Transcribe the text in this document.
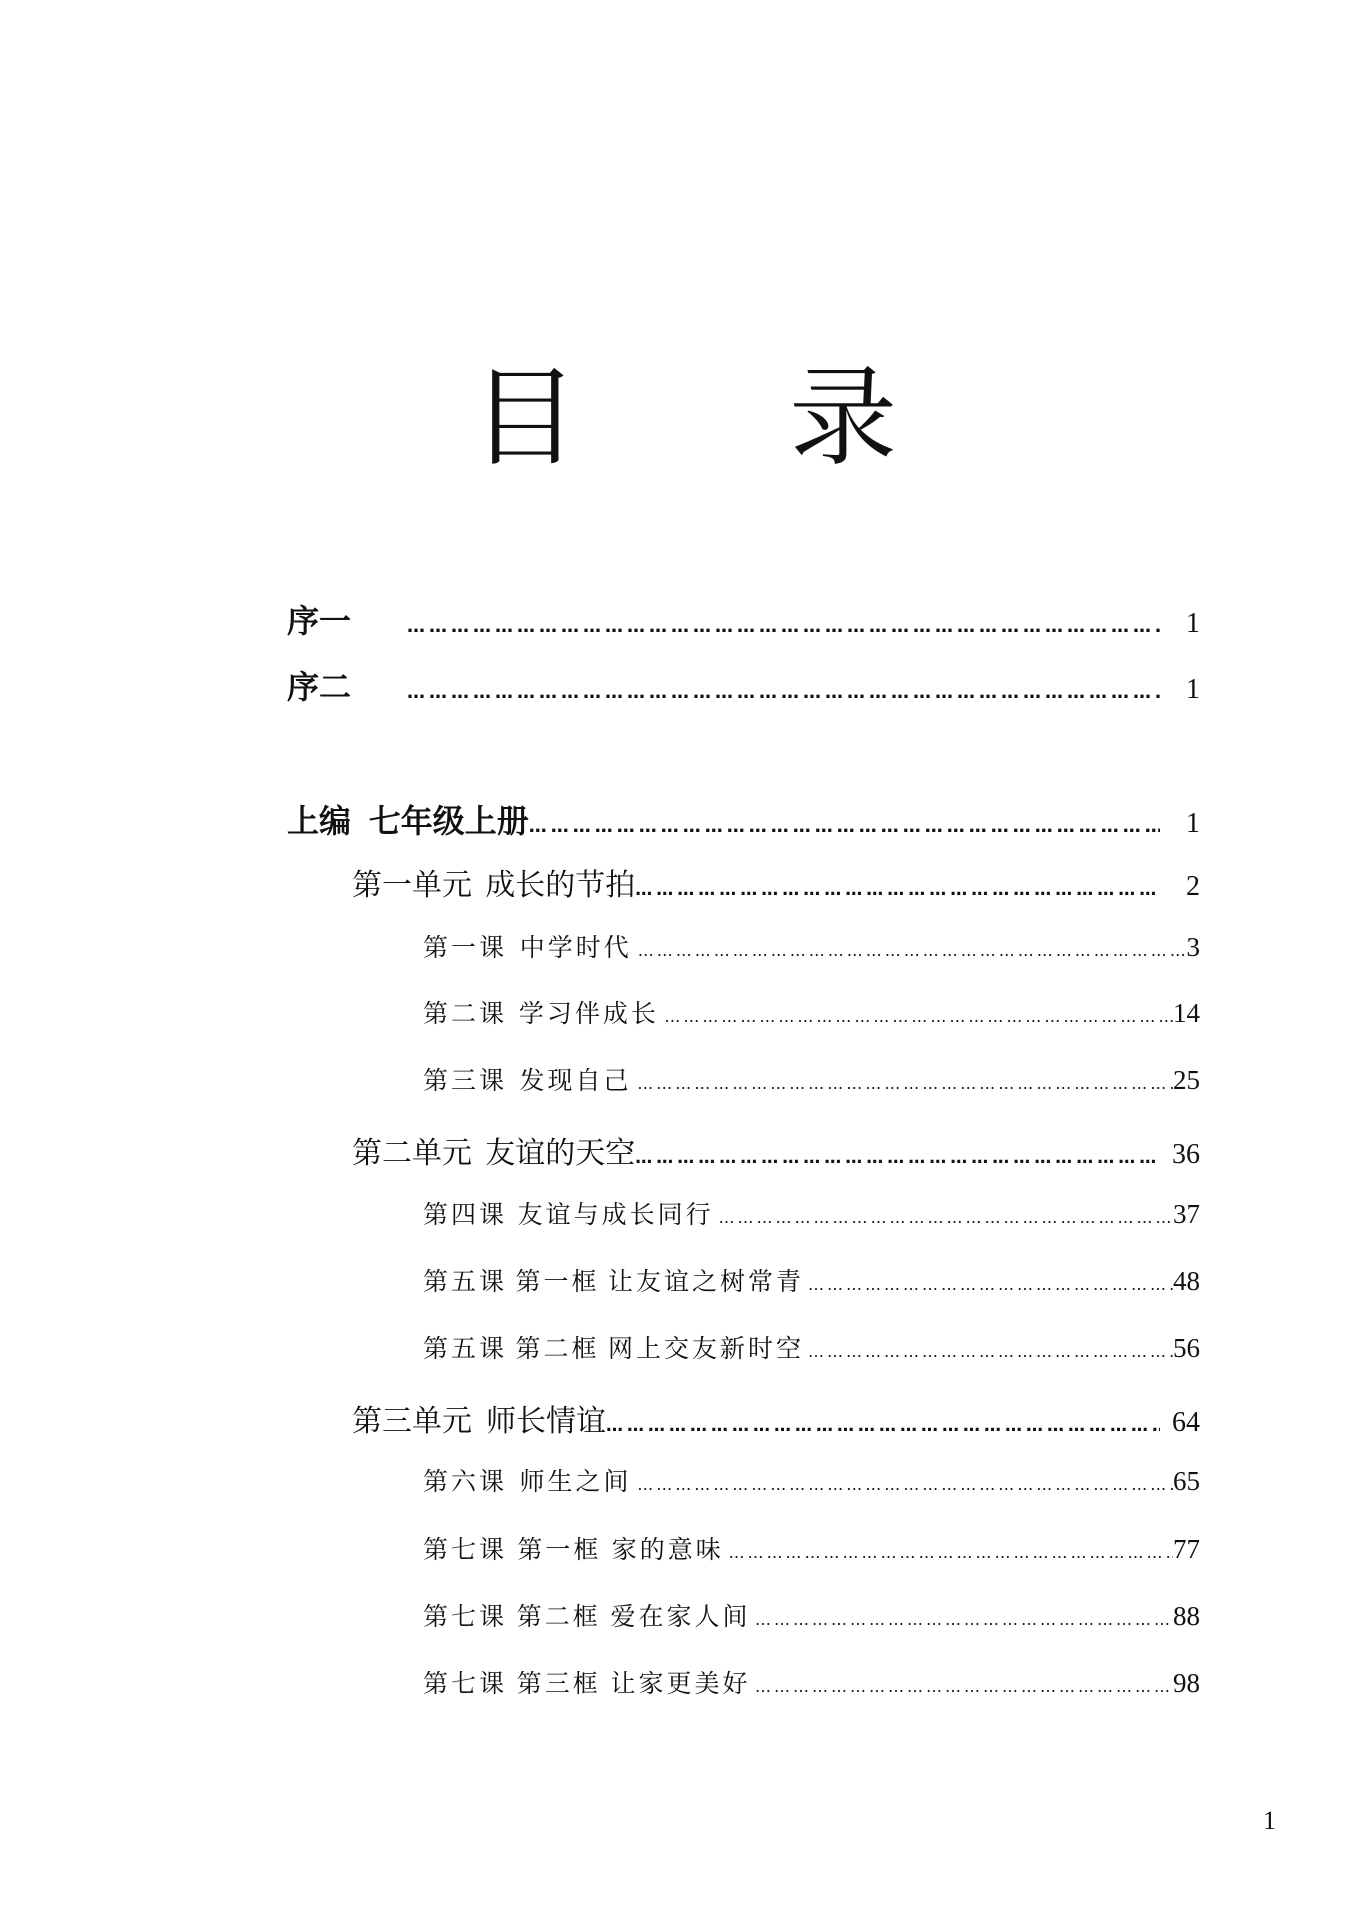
目 录
序一 ……………………………………………………………………………………………………………………………………………………………………………………	1
序二 ……………………………………………………………………………………………………………………………………………………………………………………	1
上编 七年级上册 ……………………………………………………………………………………………………………………………………………………………………………………	1
第一单元 成长的节拍 ……………………………………………………………………………………………………………………………………………………………………………………	2
第一课 中学时代 ……………………………………………………………………………………………………………………………………………………………………………………	3
第二课 学习伴成长 ……………………………………………………………………………………………………………………………………………………………………………………	14
第三课 发现自己 ……………………………………………………………………………………………………………………………………………………………………………………	25
第二单元 友谊的天空 ……………………………………………………………………………………………………………………………………………………………………………………	36
第四课 友谊与成长同行 ……………………………………………………………………………………………………………………………………………………………………………………	37
第五课 第一框 让友谊之树常青 ……………………………………………………………………………………………………………………………………………………………………………………	48
第五课 第二框 网上交友新时空 ……………………………………………………………………………………………………………………………………………………………………………………	56
第三单元 师长情谊 ……………………………………………………………………………………………………………………………………………………………………………………	64
第六课 师生之间 ……………………………………………………………………………………………………………………………………………………………………………………	65
第七课 第一框 家的意味 ……………………………………………………………………………………………………………………………………………………………………………………	77
第七课 第二框 爱在家人间 ……………………………………………………………………………………………………………………………………………………………………………………	88
第七课 第三框 让家更美好 ……………………………………………………………………………………………………………………………………………………………………………………	98
1
